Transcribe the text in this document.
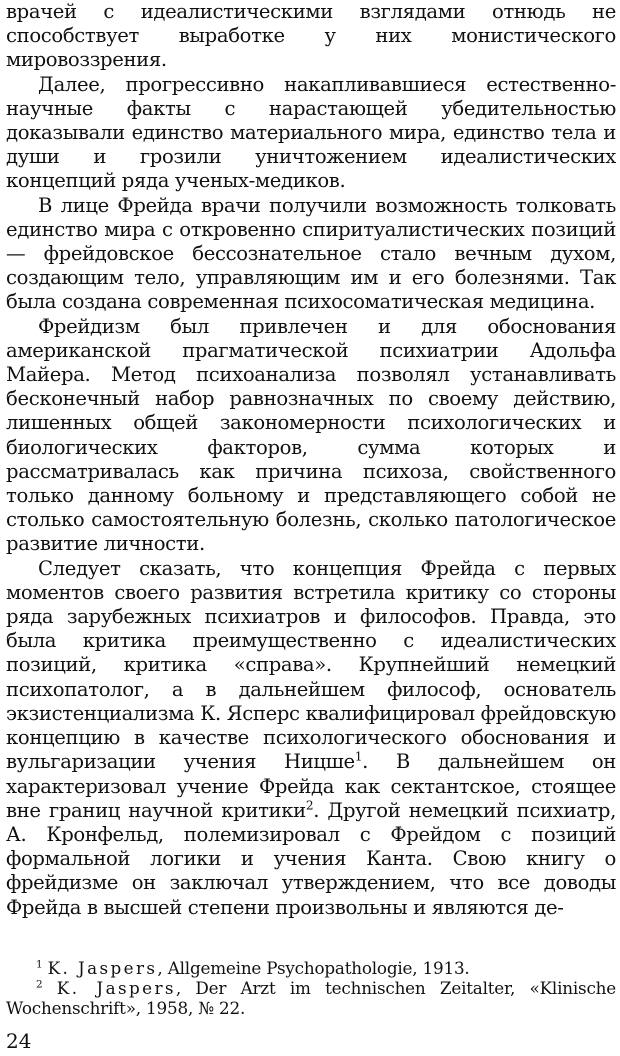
врачей с идеалистическими взглядами отнюдь не способствует выработке у них монистического мировоззрения.

Далее, прогрессивно накапливавшиеся естественно-научные факты с нарастающей убедительностью доказывали единство материального мира, единство тела и души и грозили уничтожением идеалистических концепций ряда ученых-медиков.

В лице Фрейда врачи получили возможность толковать единство мира с откровенно спиритуалистических позиций — фрейдовское бессознательное стало вечным духом, создающим тело, управляющим им и его болезнями. Так была создана современная психосоматическая медицина.

Фрейдизм был привлечен и для обоснования американской прагматической психиатрии Адольфа Майера. Метод психоанализа позволял устанавливать бесконечный набор равнозначных по своему действию, лишенных общей закономерности психологических и биологических факторов, сумма которых и рассматривалась как причина психоза, свойственного только данному больному и представляющего собой не столько самостоятельную болезнь, сколько патологическое развитие личности.

Следует сказать, что концепция Фрейда с первых моментов своего развития встретила критику со стороны ряда зарубежных психиатров и философов. Правда, это была критика преимущественно с идеалистических позиций, критика «справа». Крупнейший немецкий психопатолог, а в дальнейшем философ, основатель экзистенциализма К. Ясперс квалифицировал фрейдовскую концепцию в качестве психологического обоснования и вульгаризации учения Ницше$^1$. В дальнейшем он характеризовал учение Фрейда как сектантское, стоящее вне границ научной критики$^2$. Другой немецкий психиатр, А. Кронфельд, полемизировал с Фрейдом с позиций формальной логики и учения Канта. Свою книгу о фрейдизме он заключал утверждением, что все доводы Фрейда в высшей степени произвольны и являются де-

$^1$ K. Jaspers, Allgemeine Psychopathologie, 1913.

$^2$ K. Jaspers, Der Arzt im technischen Zeitalter, «Klinische Wochenschrift», 1958, № 22.

24
